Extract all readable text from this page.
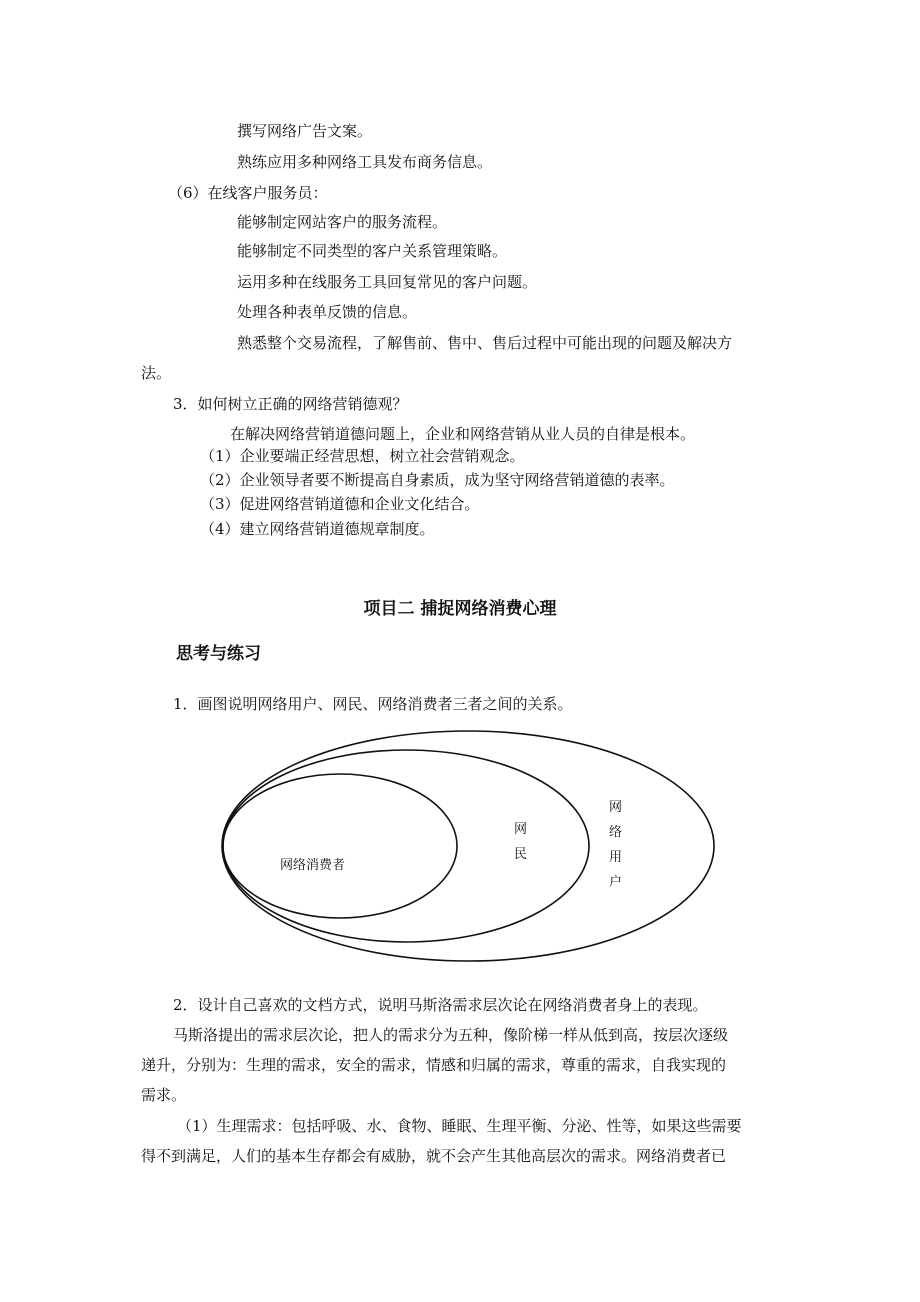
撰写网络广告文案。
熟练应用多种网络工具发布商务信息。
（6）在线客户服务员：
能够制定网站客户的服务流程。
能够制定不同类型的客户关系管理策略。
运用多种在线服务工具回复常见的客户问题。
处理各种表单反馈的信息。
熟悉整个交易流程，了解售前、售中、售后过程中可能出现的问题及解决方
法。
3．如何树立正确的网络营销德观？
在解决网络营销道德问题上，企业和网络营销从业人员的自律是根本。
（1）企业要端正经营思想，树立社会营销观念。
（2）企业领导者要不断提高自身素质，成为坚守网络营销道德的表率。
（3）促进网络营销道德和企业文化结合。
（4）建立网络营销道德规章制度。
项目二 捕捉网络消费心理
思考与练习
1．画图说明网络用户、网民、网络消费者三者之间的关系。
网络消费者
网
民
网
络
用
户
2．设计自己喜欢的文档方式，说明马斯洛需求层次论在网络消费者身上的表现。
马斯洛提出的需求层次论，把人的需求分为五种，像阶梯一样从低到高，按层次逐级
递升，分别为：生理的需求，安全的需求，情感和归属的需求，尊重的需求，自我实现的
需求。
（1）生理需求：包括呼吸、水、食物、睡眠、生理平衡、分泌、性等，如果这些需要
得不到满足，人们的基本生存都会有威胁，就不会产生其他高层次的需求。网络消费者已
